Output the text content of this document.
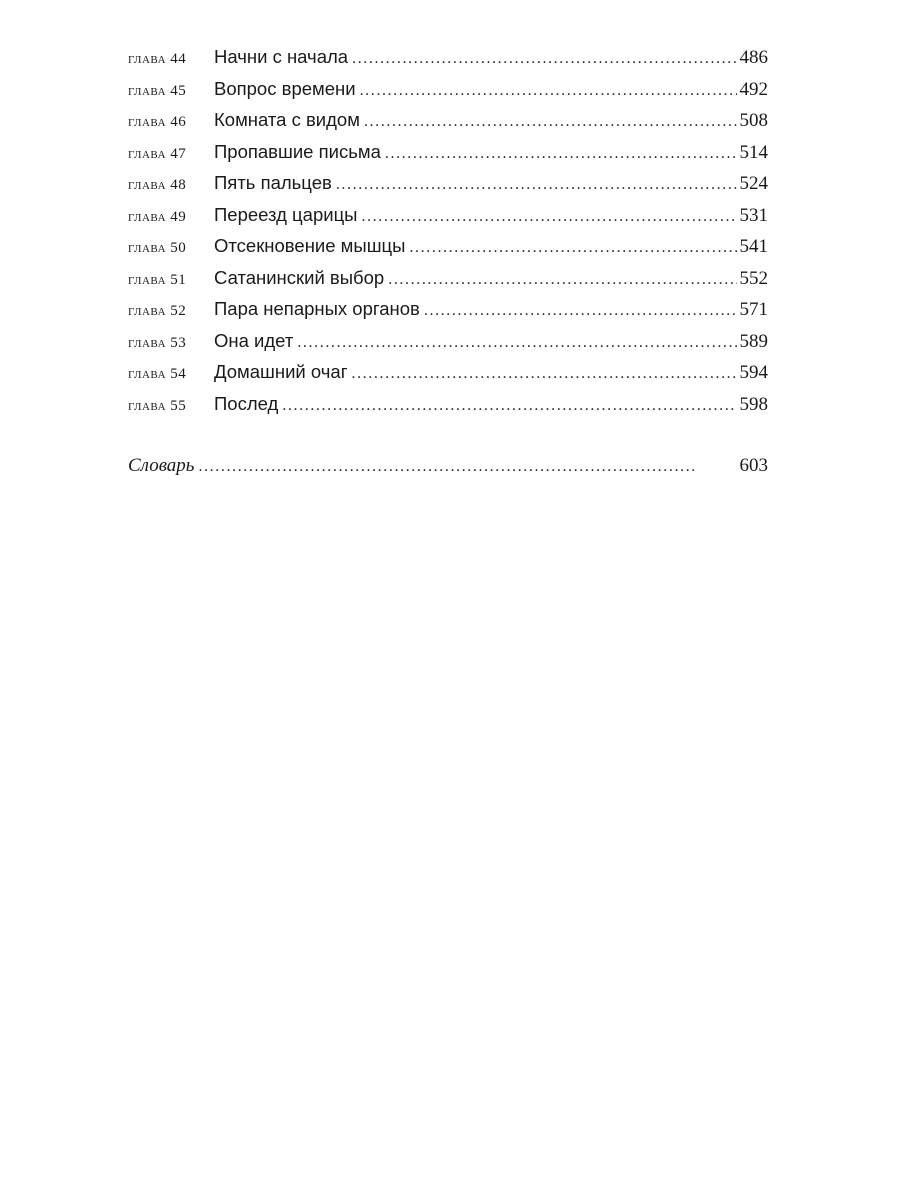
глава 44	Начни с начала . . .	486
глава 45	Вопрос времени . . .	492
глава 46	Комната с видом . . .	508
глава 47	Пропавшие письма . . .	514
глава 48	Пять пальцев . . .	524
глава 49	Переезд царицы . . .	531
глава 50	Отсекновение мышцы . . .	541
глава 51	Сатанинский выбор . . .	552
глава 52	Пара непарных органов . . .	571
глава 53	Она идет . . .	589
глава 54	Домашний очаг . . .	594
глава 55	Послед . . .	598
Словарь . . .	603
